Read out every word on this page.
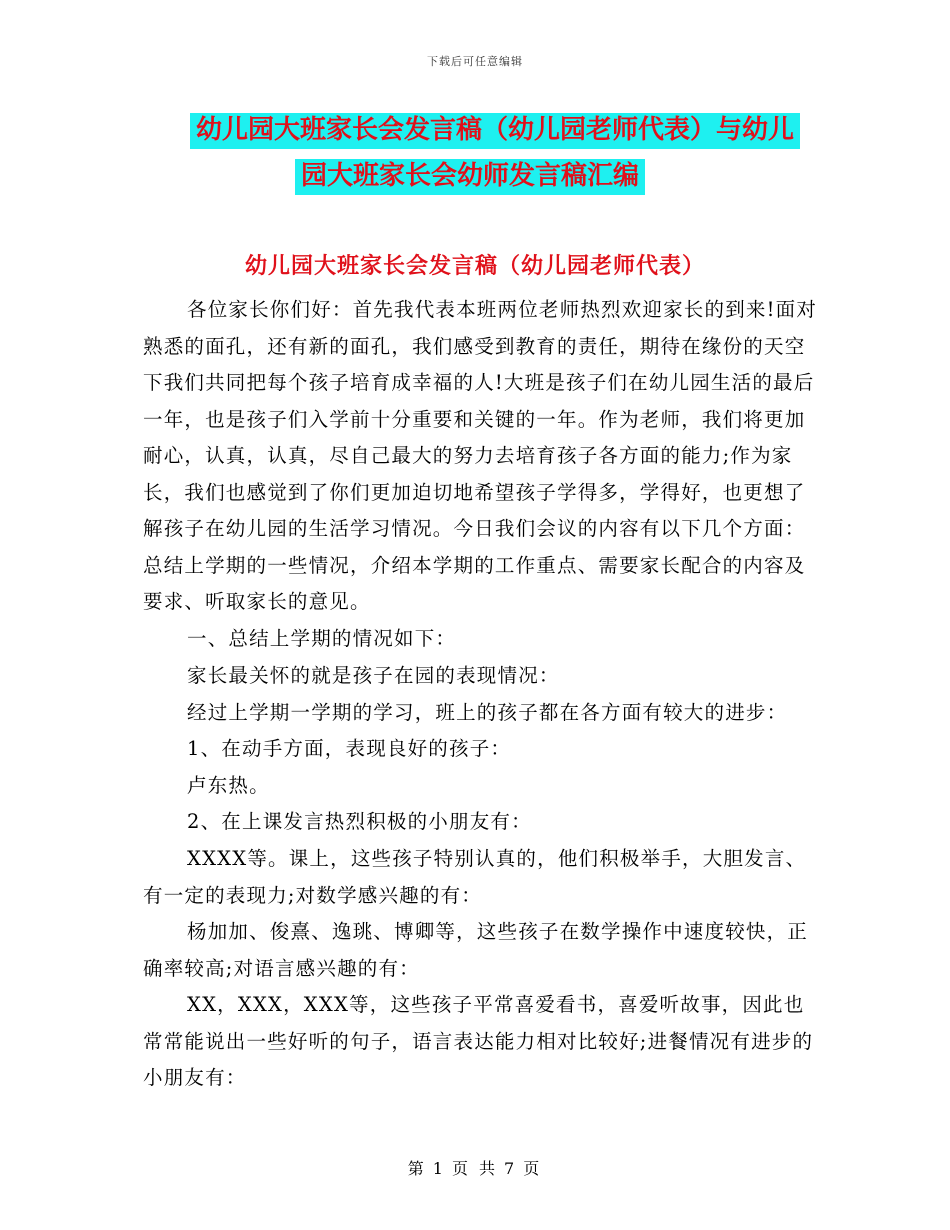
下载后可任意编辑
幼儿园大班家长会发言稿（幼儿园老师代表）与幼儿
园大班家长会幼师发言稿汇编
幼儿园大班家长会发言稿（幼儿园老师代表）

各位家长你们好：首先我代表本班两位老师热烈欢迎家长的到来!面对熟悉的面孔，还有新的面孔，我们感受到教育的责任，期待在缘份的天空下我们共同把每个孩子培育成幸福的人!大班是孩子们在幼儿园生活的最后一年，也是孩子们入学前十分重要和关键的一年。作为老师，我们将更加耐心，认真，认真，尽自己最大的努力去培育孩子各方面的能力;作为家长，我们也感觉到了你们更加迫切地希望孩子学得多，学得好，也更想了解孩子在幼儿园的生活学习情况。今日我们会议的内容有以下几个方面：总结上学期的一些情况，介绍本学期的工作重点、需要家长配合的内容及要求、听取家长的意见。

一、总结上学期的情况如下：

家长最关怀的就是孩子在园的表现情况：

经过上学期一学期的学习，班上的孩子都在各方面有较大的进步：

1、在动手方面，表现良好的孩子：

卢东热。

2、在上课发言热烈积极的小朋友有：

XXXX等。课上，这些孩子特别认真的，他们积极举手，大胆发言、有一定的表现力;对数学感兴趣的有：

杨加加、俊熹、逸珧、博卿等，这些孩子在数学操作中速度较快，正确率较高;对语言感兴趣的有：

XX，XXX，XXX等，这些孩子平常喜爱看书，喜爱听故事，因此也常常能说出一些好听的句子，语言表达能力相对比较好;进餐情况有进步的小朋友有：

第 1 页 共 7 页
